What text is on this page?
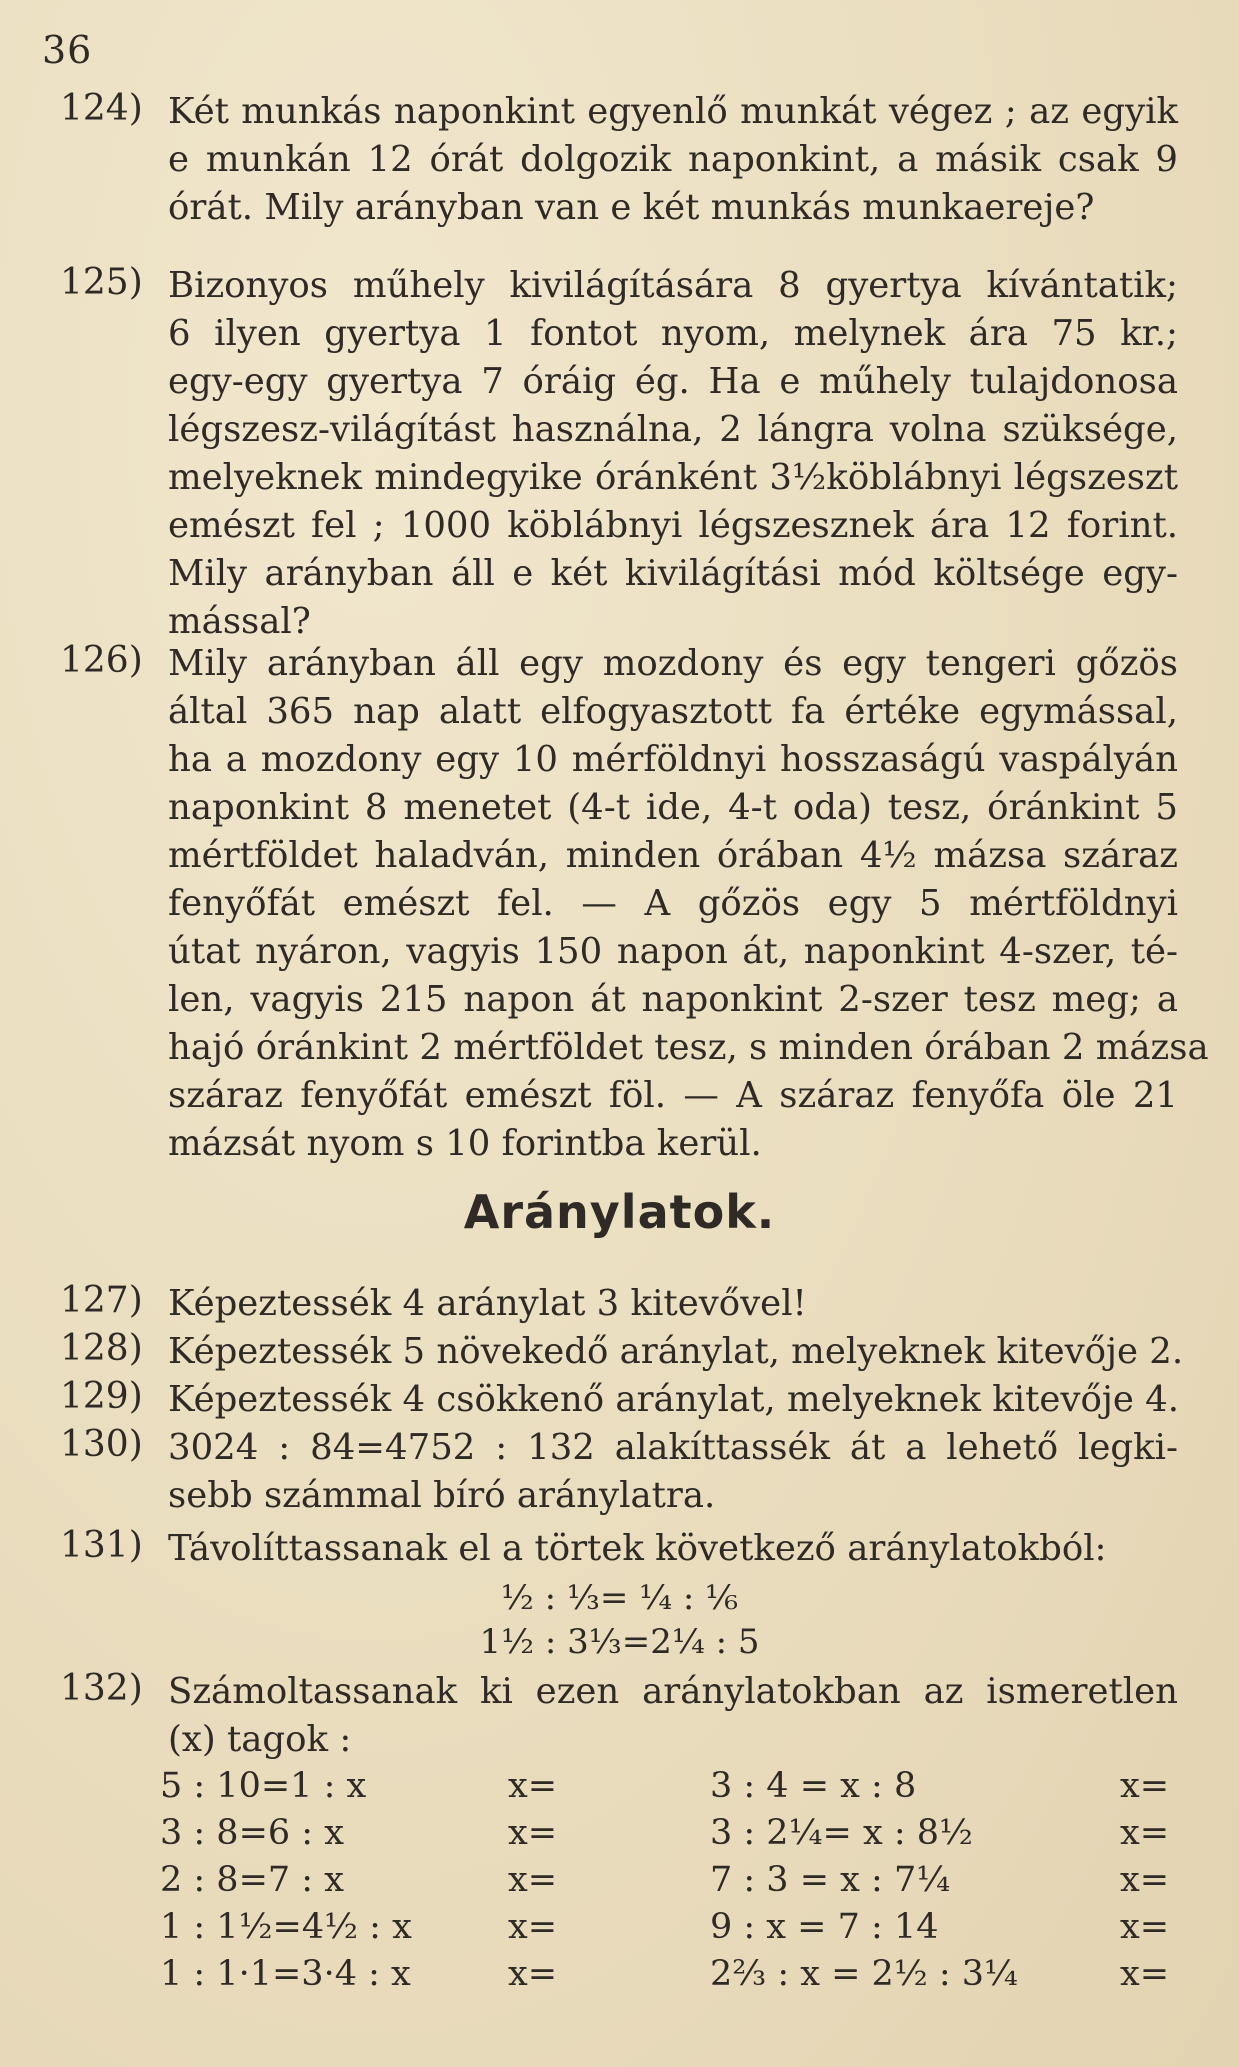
36
124) Két munkás naponkint egyenlő munkát végez ; az egyik
e munkán 12 órát dolgozik naponkint, a másik csak 9
órát. Mily arányban van e két munkás munkaereje?
125) Bizonyos műhely kivilágítására 8 gyertya kívántatik;
6 ilyen gyertya 1 fontot nyom, melynek ára 75 kr.;
egy-egy gyertya 7 óráig ég. Ha e műhely tulajdonosa
légszesz-világítást használna, 2 lángra volna szüksége,
melyeknek mindegyike óránként 3½köblábnyi légszeszt
emészt fel ; 1000 köblábnyi légszesznek ára 12 forint.
Mily arányban áll e két kivilágítási mód költsége egy-
mással?
126) Mily arányban áll egy mozdony és egy tengeri gőzös
által 365 nap alatt elfogyasztott fa értéke egymással,
ha a mozdony egy 10 mérföldnyi hosszaságú vaspályán
naponkint 8 menetet (4-t ide, 4-t oda) tesz, óránkint 5
mértföldet haladván, minden órában 4½ mázsa száraz
fenyőfát emészt fel. — A gőzös egy 5 mértföldnyi
útat nyáron, vagyis 150 napon át, naponkint 4-szer, té-
len, vagyis 215 napon át naponkint 2-szer tesz meg; a
hajó óránkint 2 mértföldet tesz, s minden órában 2 mázsa
száraz fenyőfát emészt föl. — A száraz fenyőfa öle 21
mázsát nyom s 10 forintba kerül.
Aránylatok.
127) Képeztessék 4 aránylat 3 kitevővel!
128) Képeztessék 5 növekedő aránylat, melyeknek kitevője 2.
129) Képeztessék 4 csökkenő aránylat, melyeknek kitevője 4.
130) 3024 : 84=4752 : 132 alakíttassék át a lehető legki-
sebb számmal bíró aránylatra.
131) Távolíttassanak el a törtek következő aránylatokból:
½ : ⅓= ¼ : ⅙
1½ : 3⅓=2¼ : 5
132) Számoltassanak ki ezen aránylatokban az ismeretlen
(x) tagok :
5 : 10=1 : x	x=	3 : 4 = x : 8	x=
3 : 8=6 : x	x=	3 : 2¼= x : 8½	x=
2 : 8=7 : x	x=	7 : 3 = x : 7¼	x=
1 : 1½=4½ : x	x=	9 : x = 7 : 14	x=
1 : 1·1=3·4 : x	x=	2⅔ : x = 2½ : 3¼	x=
